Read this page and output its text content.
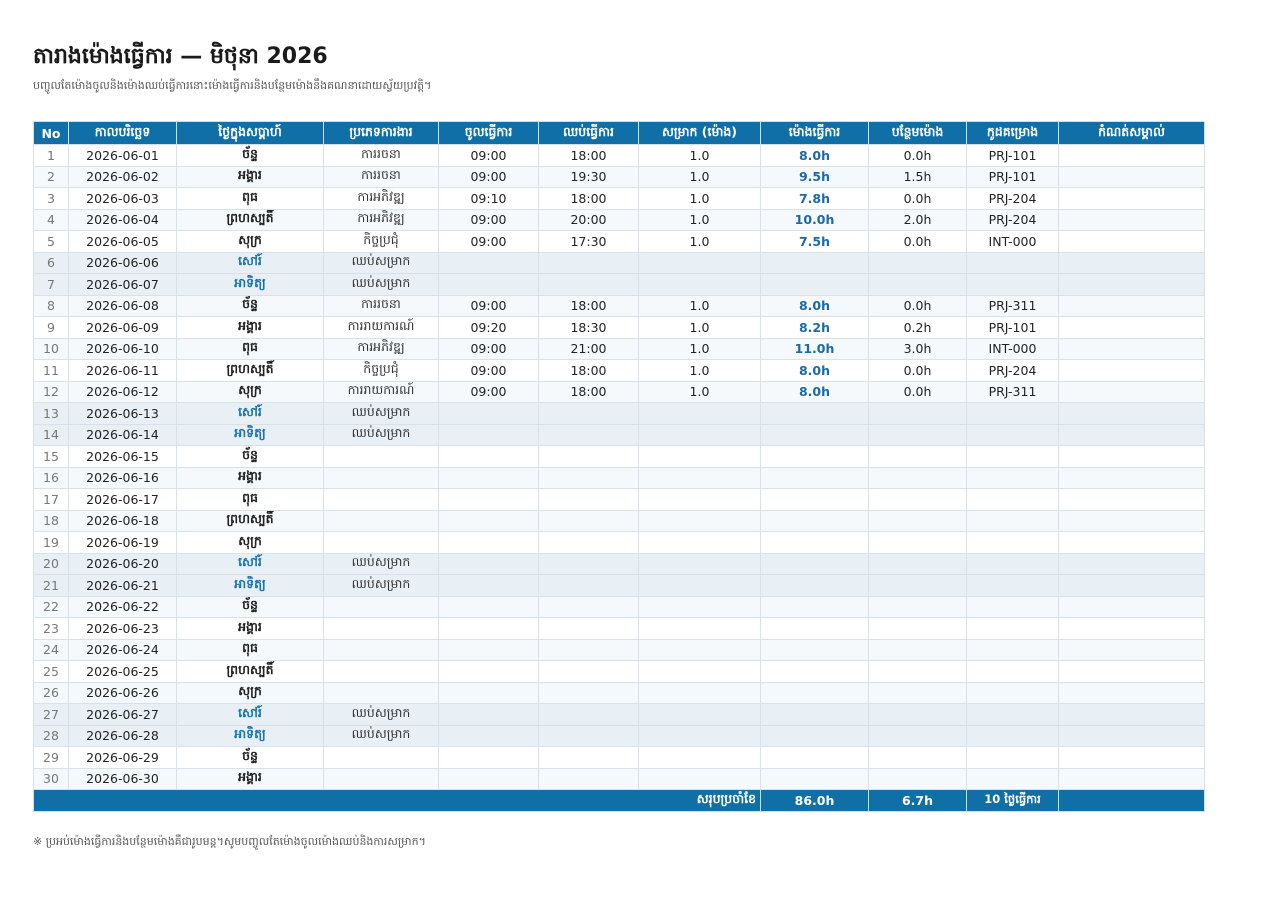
តារាងម៉ោងធ្វើការ — មិថុនា 2026
បញ្ចូលតែម៉ោងចូលនិងម៉ោងឈប់ធ្វើការនោះម៉ោងធ្វើការនិងបន្ថែមម៉ោងនឹងគណនាដោយស្វ័យប្រវត្តិ។
No	កាលបរិច្ឆេទ	ថ្ងៃក្នុងសប្តាហ៍	ប្រភេទការងារ	ចូលធ្វើការ	ឈប់ធ្វើការ	សម្រាក (ម៉ោង)	ម៉ោងធ្វើការ	បន្ថែមម៉ោង	កូដគម្រោង	កំណត់សម្គាល់
1	2026-06-01	ច័ន្ទ	ការរចនា	09:00	18:00	1.0	8.0h	0.0h	PRJ-101	
2	2026-06-02	អង្គារ	ការរចនា	09:00	19:30	1.0	9.5h	1.5h	PRJ-101	
3	2026-06-03	ពុធ	ការអភិវឌ្ឍ	09:10	18:00	1.0	7.8h	0.0h	PRJ-204	
4	2026-06-04	ព្រហស្បតិ៍	ការអភិវឌ្ឍ	09:00	20:00	1.0	10.0h	2.0h	PRJ-204	
5	2026-06-05	សុក្រ	កិច្ចប្រជុំ	09:00	17:30	1.0	7.5h	0.0h	INT-000	
6	2026-06-06	សៅរ៍	ឈប់សម្រាក							
7	2026-06-07	អាទិត្យ	ឈប់សម្រាក							
8	2026-06-08	ច័ន្ទ	ការរចនា	09:00	18:00	1.0	8.0h	0.0h	PRJ-311	
9	2026-06-09	អង្គារ	ការរាយការណ៍	09:20	18:30	1.0	8.2h	0.2h	PRJ-101	
10	2026-06-10	ពុធ	ការអភិវឌ្ឍ	09:00	21:00	1.0	11.0h	3.0h	INT-000	
11	2026-06-11	ព្រហស្បតិ៍	កិច្ចប្រជុំ	09:00	18:00	1.0	8.0h	0.0h	PRJ-204	
12	2026-06-12	សុក្រ	ការរាយការណ៍	09:00	18:00	1.0	8.0h	0.0h	PRJ-311	
13	2026-06-13	សៅរ៍	ឈប់សម្រាក							
14	2026-06-14	អាទិត្យ	ឈប់សម្រាក							
15	2026-06-15	ច័ន្ទ								
16	2026-06-16	អង្គារ								
17	2026-06-17	ពុធ								
18	2026-06-18	ព្រហស្បតិ៍								
19	2026-06-19	សុក្រ								
20	2026-06-20	សៅរ៍	ឈប់សម្រាក							
21	2026-06-21	អាទិត្យ	ឈប់សម្រាក							
22	2026-06-22	ច័ន្ទ								
23	2026-06-23	អង្គារ								
24	2026-06-24	ពុធ								
25	2026-06-25	ព្រហស្បតិ៍								
26	2026-06-26	សុក្រ								
27	2026-06-27	សៅរ៍	ឈប់សម្រាក							
28	2026-06-28	អាទិត្យ	ឈប់សម្រាក							
29	2026-06-29	ច័ន្ទ								
30	2026-06-30	អង្គារ								
សរុបប្រចាំខែ							86.0h	6.7h	10 ថ្ងៃធ្វើការ	
※ ប្រអប់ម៉ោងធ្វើការនិងបន្ថែមម៉ោងគឺជារូបមន្ត។សូមបញ្ចូលតែម៉ោងចូលម៉ោងឈប់និងការសម្រាក។
